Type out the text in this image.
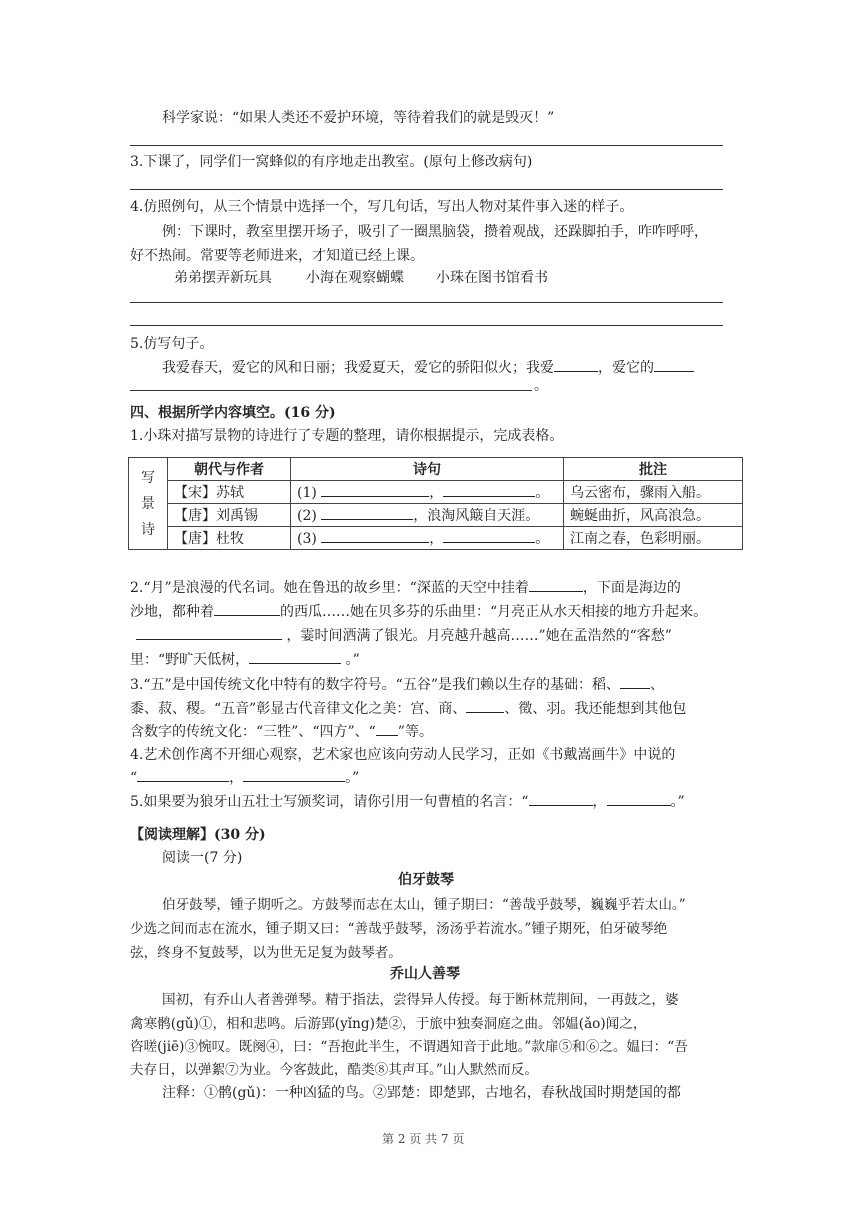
科学家说：“如果人类还不爱护环境，等待着我们的就是毁灭！”
3.下课了，同学们一窝蜂似的有序地走出教室。(原句上修改病句)
4.仿照例句，从三个情景中选择一个，写几句话，写出人物对某件事入迷的样子。
例：下课时，教室里摆开场子，吸引了一圈黑脑袋，攒着观战，还跺脚拍手，咋咋呼呼，
好不热闹。常要等老师进来，才知道已经上课。
弟弟摆弄新玩具 小海在观察蝴蝶 小珠在图书馆看书
5.仿写句子。
我爱春天，爱它的风和日丽；我爱夏天，爱它的骄阳似火；我爱	，爱它的
。
四、根据所学内容填空。(16 分)
1.小珠对描写景物的诗进行了专题的整理，请你根据提示，完成表格。
写
景
诗	朝代与作者	诗句	批注
	【宋】苏轼	(1) ， 。	乌云密布，骤雨入船。
	【唐】刘禹锡	(2) ，浪淘风簸自天涯。	蜿蜒曲折，风高浪急。
	【唐】杜牧	(3) ， 。	江南之春，色彩明丽。
2.“月”是浪漫的代名词。她在鲁迅的故乡里：“深蓝的天空中挂着	，下面是海边的
沙地，都种着	的西瓜……她在贝多芬的乐曲里：“月亮正从水天相接的地方升起来。
，霎时间洒满了银光。月亮越升越高……”她在孟浩然的“客愁”
里：“野旷天低树，	。”
3.“五”是中国传统文化中特有的数字符号。“五谷”是我们赖以生存的基础：稻、 、
黍、菽、稷。“五音”彰显古代音律文化之美：宫、商、	、徵、羽。我还能想到其他包
含数字的传统文化：“三牲”、“四方”、“ ”等。
4.艺术创作离不开细心观察，艺术家也应该向劳动人民学习，正如《书戴嵩画牛》中说的
“	，	。”
5.如果要为狼牙山五壮士写颁奖词，请你引用一句曹植的名言：“	，	。”
【阅读理解】(30 分)
阅读一(7 分)
伯牙鼓琴
伯牙鼓琴，锺子期听之。方鼓琴而志在太山，锺子期曰：“善哉乎鼓琴，巍巍乎若太山。”
少选之间而志在流水，锺子期又曰：“善哉乎鼓琴，汤汤乎若流水。”锺子期死，伯牙破琴绝
弦，终身不复鼓琴，以为世无足复为鼓琴者。
乔山人善琴
国初，有乔山人者善弹琴。精于指法，尝得异人传授。每于断林荒荆间，一再鼓之，婆
禽寒鹘(gǔ)①，相和悲鸣。后游郢(yǐng)楚②，于旅中独奏洞庭之曲。邻媪(ǎo)闻之，
咨嗟(jiē)③惋叹。既阕④，曰：“吾抱此半生，不谓遇知音于此地。”款扉⑤和⑥之。媪曰：“吾
夫存日，以弹絮⑦为业。今客鼓此，酷类⑧其声耳。”山人默然而反。
注释：①鹘(gǔ)：一种凶猛的鸟。②郢楚：即楚郢，古地名，春秋战国时期楚国的都
第 2 页 共 7 页
